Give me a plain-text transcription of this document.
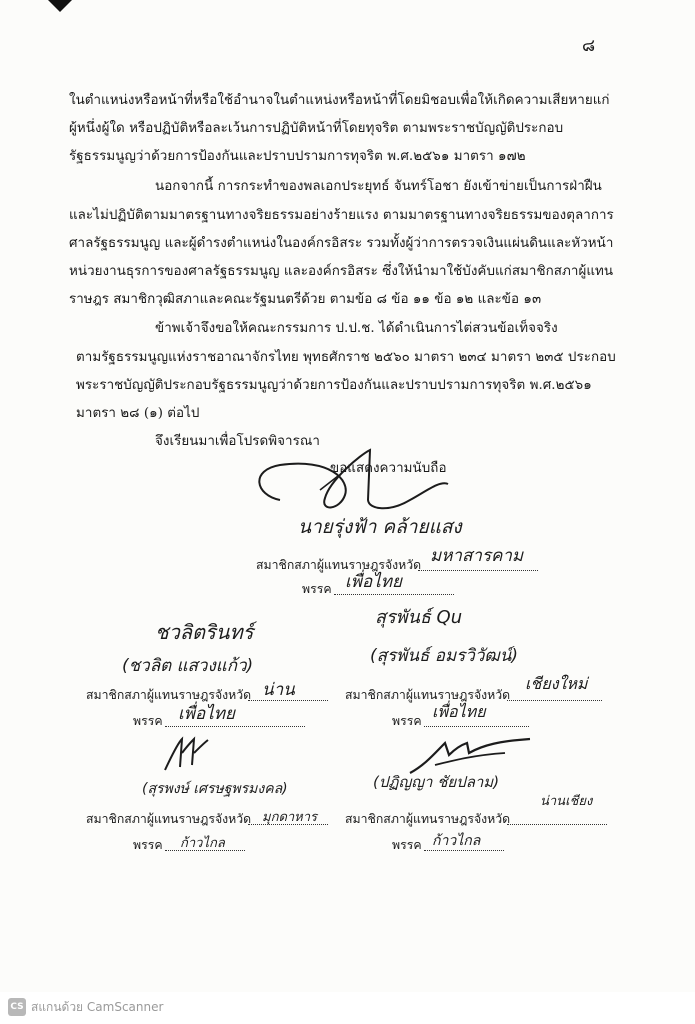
๘
ในตำแหน่งหรือหน้าที่หรือใช้อำนาจในตำแหน่งหรือหน้าที่โดยมิชอบเพื่อให้เกิดความเสียหายแก่
ผู้หนึ่งผู้ใด หรือปฏิบัติหรือละเว้นการปฏิบัติหน้าที่โดยทุจริต ตามพระราชบัญญัติประกอบ
รัฐธรรมนูญว่าด้วยการป้องกันและปราบปรามการทุจริต พ.ศ.๒๕๖๑ มาตรา ๑๗๒
นอกจากนี้ การกระทำของพลเอกประยุทธ์ จันทร์โอชา ยังเข้าข่ายเป็นการฝ่าฝืน
และไม่ปฏิบัติตามมาตรฐานทางจริยธรรมอย่างร้ายแรง ตามมาตรฐานทางจริยธรรมของตุลาการ
ศาลรัฐธรรมนูญ และผู้ดำรงตำแหน่งในองค์กรอิสระ รวมทั้งผู้ว่าการตรวจเงินแผ่นดินและหัวหน้า
หน่วยงานธุรการของศาลรัฐธรรมนูญ และองค์กรอิสระ ซึ่งให้นำมาใช้บังคับแก่สมาชิกสภาผู้แทน
ราษฎร สมาชิกวุฒิสภาและคณะรัฐมนตรีด้วย ตามข้อ ๘ ข้อ ๑๑ ข้อ ๑๒ และข้อ ๑๓
ข้าพเจ้าจึงขอให้คณะกรรมการ ป.ป.ช. ได้ดำเนินการไต่สวนข้อเท็จจริง
ตามรัฐธรรมนูญแห่งราชอาณาจักรไทย พุทธศักราช ๒๕๖๐ มาตรา ๒๓๔ มาตรา ๒๓๕ ประกอบ
พระราชบัญญัติประกอบรัฐธรรมนูญว่าด้วยการป้องกันและปราบปรามการทุจริต พ.ศ.๒๕๖๑
มาตรา ๒๘ (๑) ต่อไป
จึงเรียนมาเพื่อโปรดพิจารณา
ขอแสดงความนับถือ
นายรุ่งฟ้า คล้ายแสง
สมาชิกสภาผู้แทนราษฎรจังหวัด มหาสารคาม
พรรค เพื่อไทย
ชวลิตรินทร์
(ชวลิต แสวงแก้ว)
สมาชิกสภาผู้แทนราษฎรจังหวัด น่าน
พรรค เพื่อไทย
สุรพันธ์ Qu
(สุรพันธ์ อมรวิวัฒน์)
สมาชิกสภาผู้แทนราษฎรจังหวัด
เชียงใหม่
พรรค เพื่อไทย
(สุรพงษ์ เศรษฐพรมงคล)
สมาชิกสภาผู้แทนราษฎรจังหวัด มุกดาหาร
พรรค ก้าวไกล
(ปฏิญญา ชัยปลาม)
สมาชิกสภาผู้แทนราษฎรจังหวัด
น่านเชียง
พรรค ก้าวไกล
CS สแกนด้วย CamScanner
